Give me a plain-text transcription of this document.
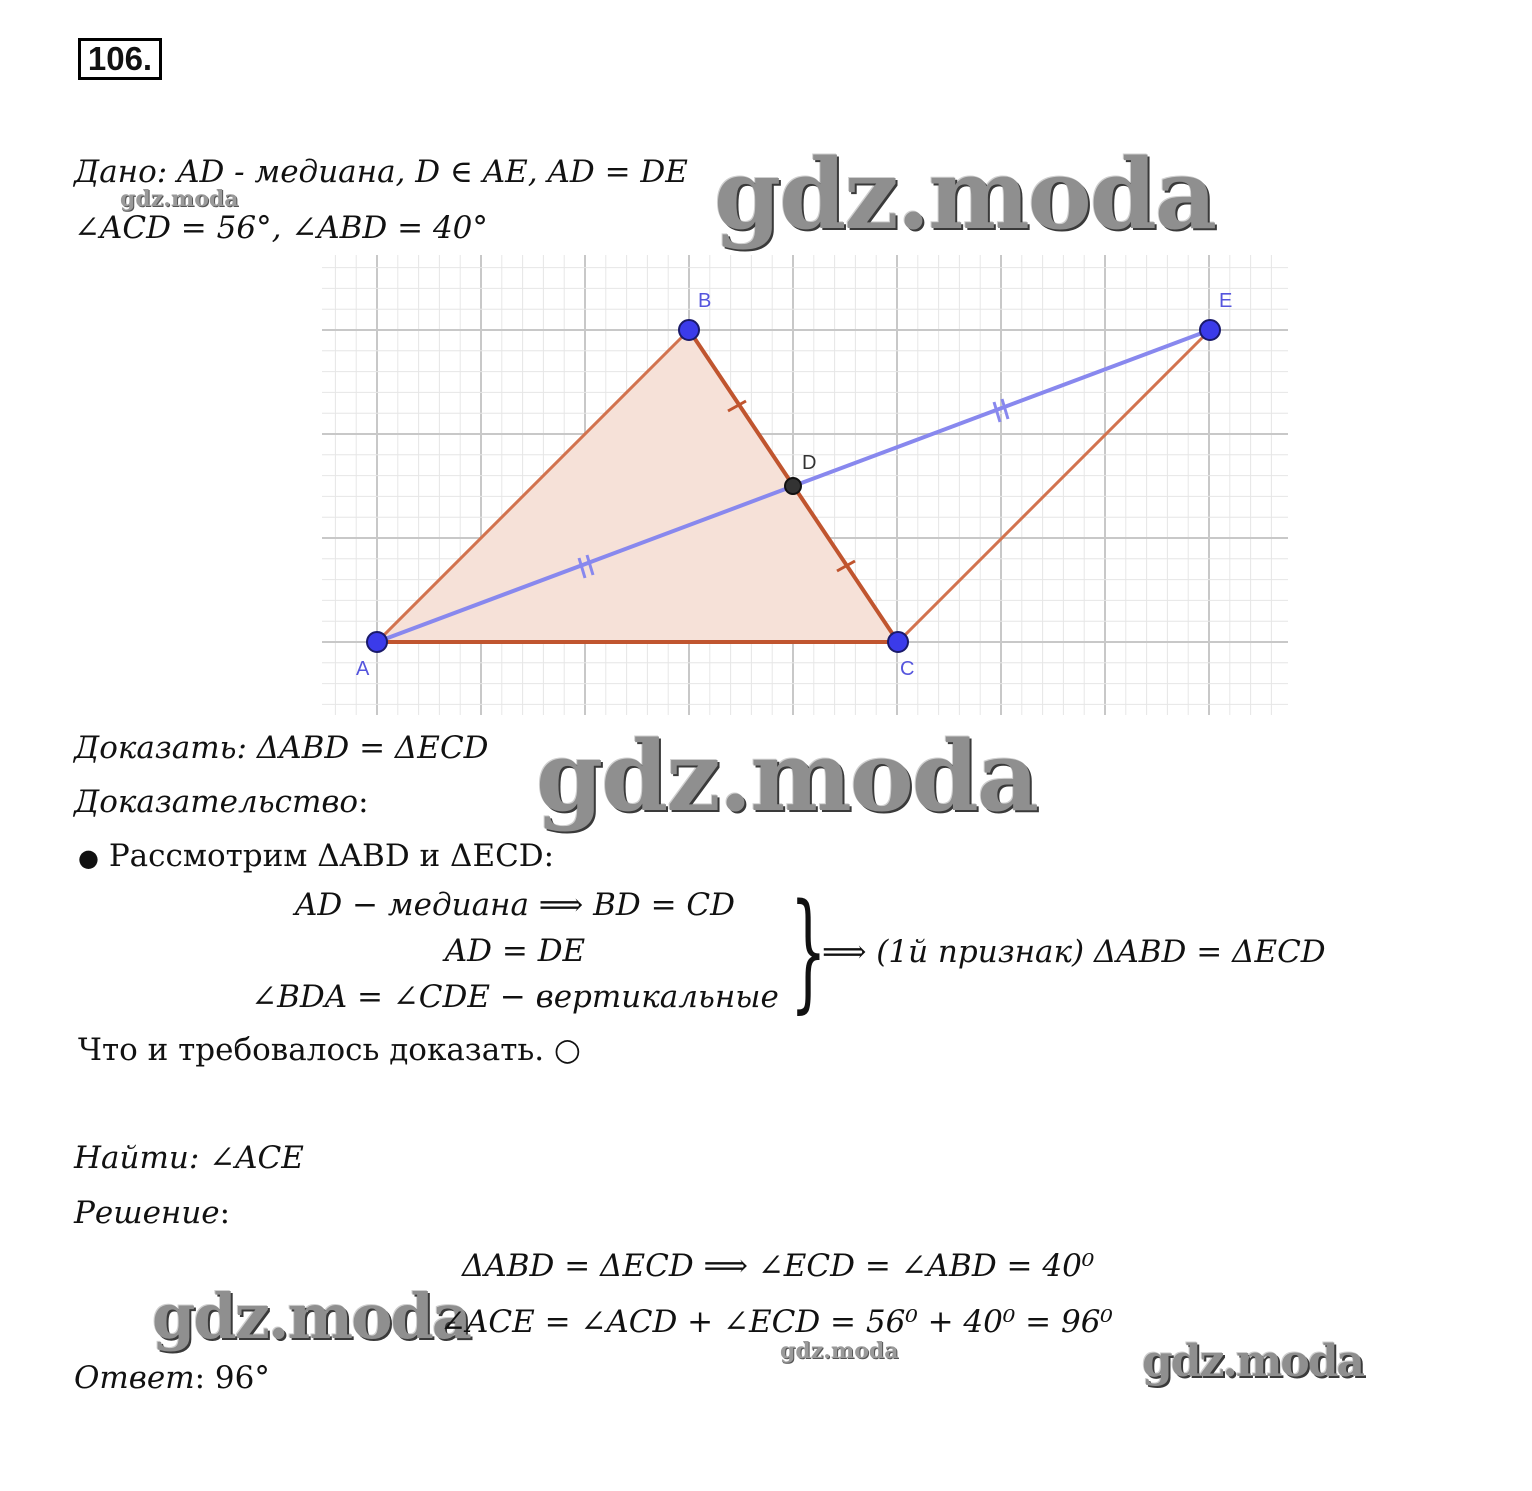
106.
Дано: AD - медиана, D ∈ AE, AD = DE
∠ACD = 56°, ∠ABD = 40°
gdz.moda	gdz.moda
A
B
C
D
E
Доказать: ΔABD = ΔECD gdz.moda
Доказательство:
● Рассмотрим ΔABD и ΔECD:
AD − медиана ⟹ BD = CD
AD = DE
∠BDA = ∠CDE − вертикальные }
⟹ (1й признак) ΔABD = ΔECD
Что и требовалось доказать. ○
Найти: ∠ACE
Решение:
ΔABD = ΔECD ⟹ ∠ECD = ∠ABD = 40⁰
gdz.moda
∠ACE = ∠ACD + ∠ECD = 56⁰ + 40⁰ = 96⁰
gdz.moda	gdz.moda
Ответ: 96°
